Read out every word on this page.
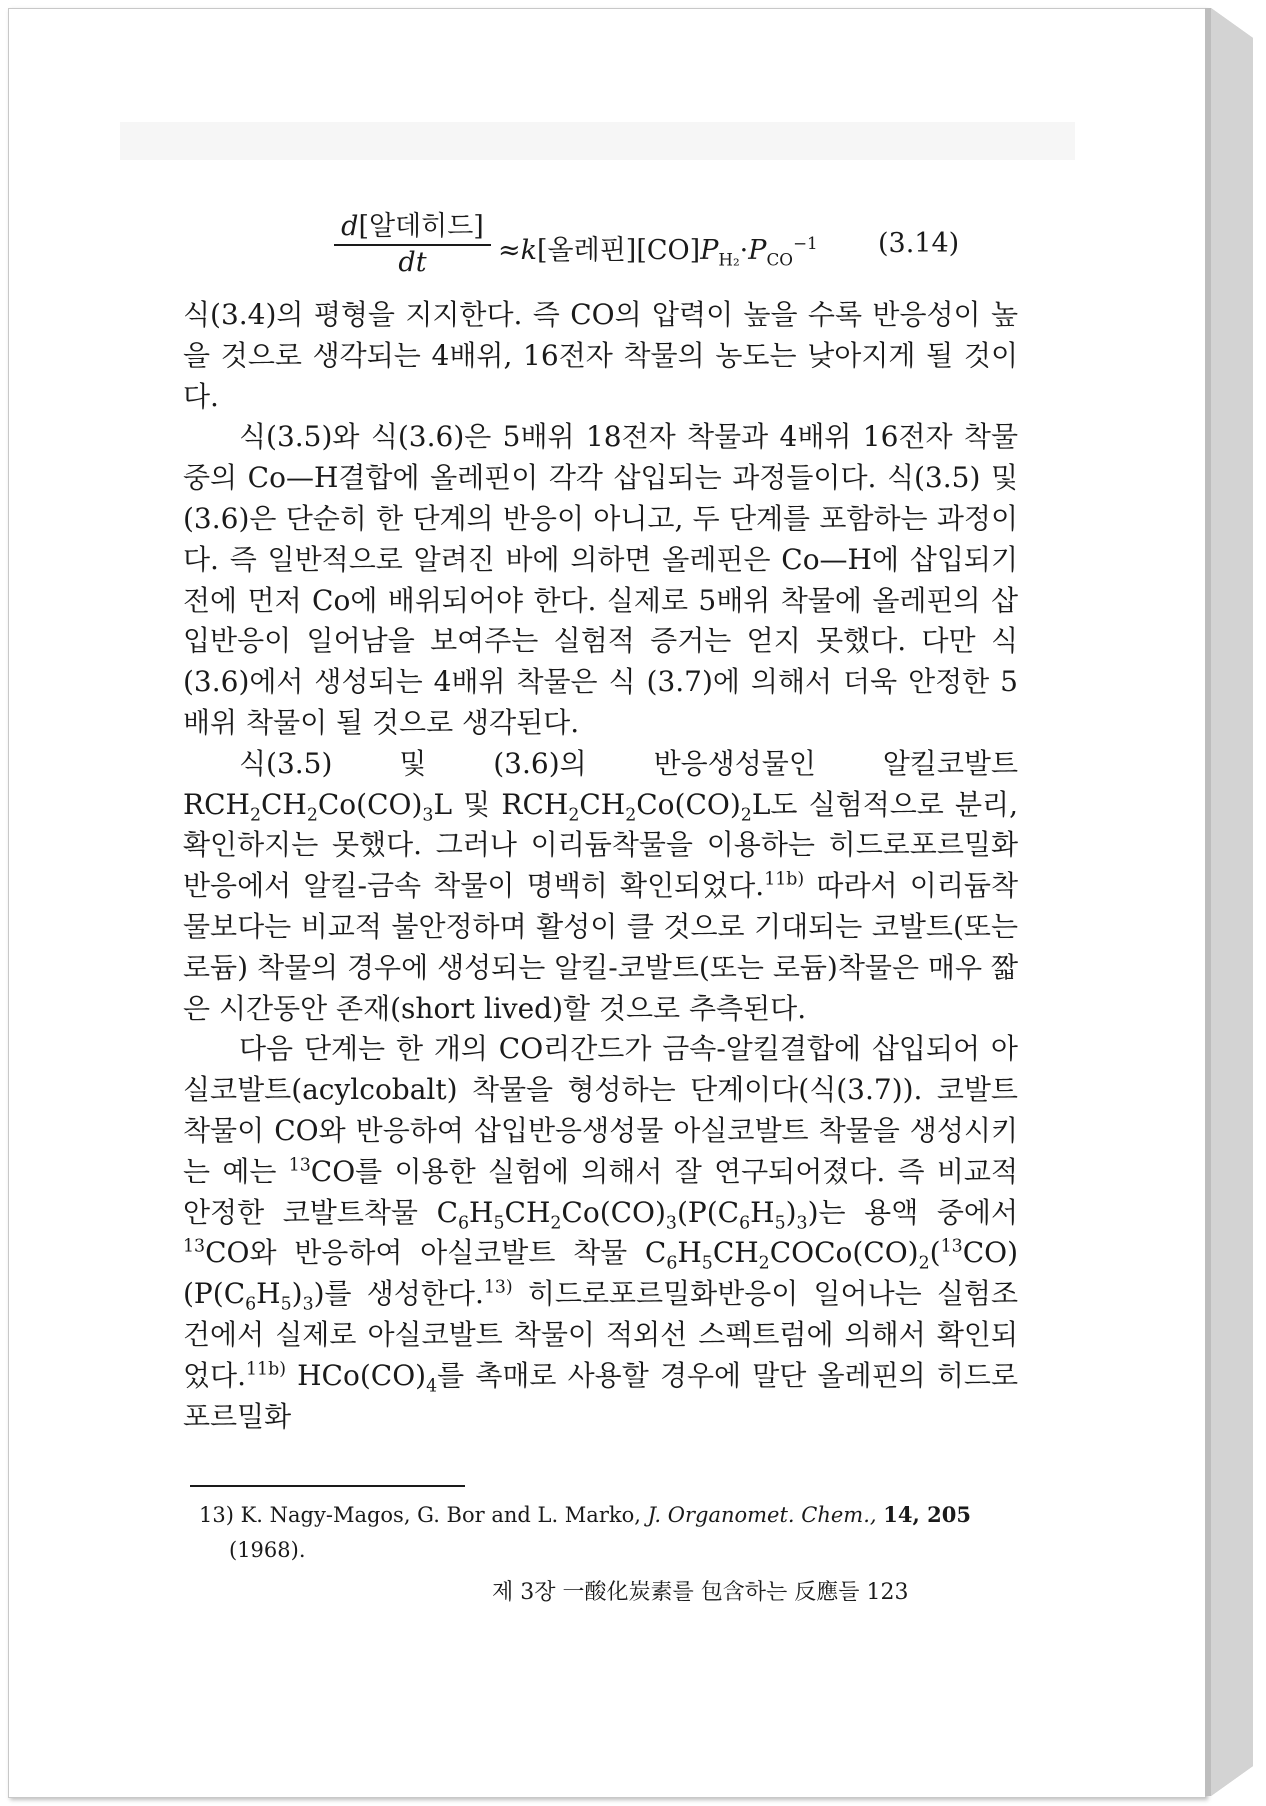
d[알데히드]
dt	≈k[올레핀]$[CO]P_{H_2}\cdot P_{CO}^{-1}$ (3.14)

식(3.4)의 평형을 지지한다. 즉 CO의 압력이 높을 수록 반응성이 높을 것으로 생각되는 4배위, 16전자 착물의 농도는 낮아지게 될 것이다.

식(3.5)와 식(3.6)은 5배위 18전자 착물과 4배위 16전자 착물 중의 Co—H결합에 올레핀이 각각 삽입되는 과정들이다. 식(3.5) 및 (3.6)은 단순히 한 단계의 반응이 아니고, 두 단계를 포함하는 과정이다. 즉 일반적으로 알려진 바에 의하면 올레핀은 Co—H에 삽입되기 전에 먼저 Co에 배위되어야 한다. 실제로 5배위 착물에 올레핀의 삽입반응이 일어남을 보여주는 실험적 증거는 얻지 못했다. 다만 식 (3.6)에서 생성되는 4배위 착물은 식 (3.7)에 의해서 더욱 안정한 5배위 착물이 될 것으로 생각된다.

식(3.5) 및 (3.6)의 반응생성물인 알킬코발트 $RCH_2CH_2Co(CO)_3L$ 및 $RCH_2CH_2Co(CO)_2L$도 실험적으로 분리, 확인하지는 못했다. 그러나 이리듐착물을 이용하는 히드로포르밀화반응에서 알킬-금속 착물이 명백히 확인되었다.$^{11b)}$ 따라서 이리듐착물보다는 비교적 불안정하며 활성이 클 것으로 기대되는 코발트(또는 로듐) 착물의 경우에 생성되는 알킬-코발트(또는 로듐)착물은 매우 짧은 시간동안 존재(short lived)할 것으로 추측된다.

다음 단계는 한 개의 CO리간드가 금속-알킬결합에 삽입되어 아실코발트(acylcobalt) 착물을 형성하는 단계이다(식(3.7)). 코발트착물이 CO와 반응하여 삽입반응생성물 아실코발트 착물을 생성시키는 예는 $^{13}$CO를 이용한 실험에 의해서 잘 연구되어졌다. 즉 비교적 안정한 코발트착물 $C_6H_5CH_2Co(CO)_3(P(C_6H_5)_3)$는 용액 중에서 $^{13}$CO와 반응하여 아실코발트 착물 $C_6H_5CH_2COCo(CO)_2(^{13}CO)(P(C_6H_5)_3)$를 생성한다.$^{13)}$ 히드로포르밀화반응이 일어나는 실험조건에서 실제로 아실코발트 착물이 적외선 스펙트럼에 의해서 확인되었다.$^{11b)}$ $HCo(CO)_4$를 촉매로 사용할 경우에 말단 올레핀의 히드로포르밀화

13) K. Nagy-Magos, G. Bor and L. Marko, J. Organomet. Chem., 14, 205
(1968).
제 3장 一酸化炭素를 包含하는 反應들 123
